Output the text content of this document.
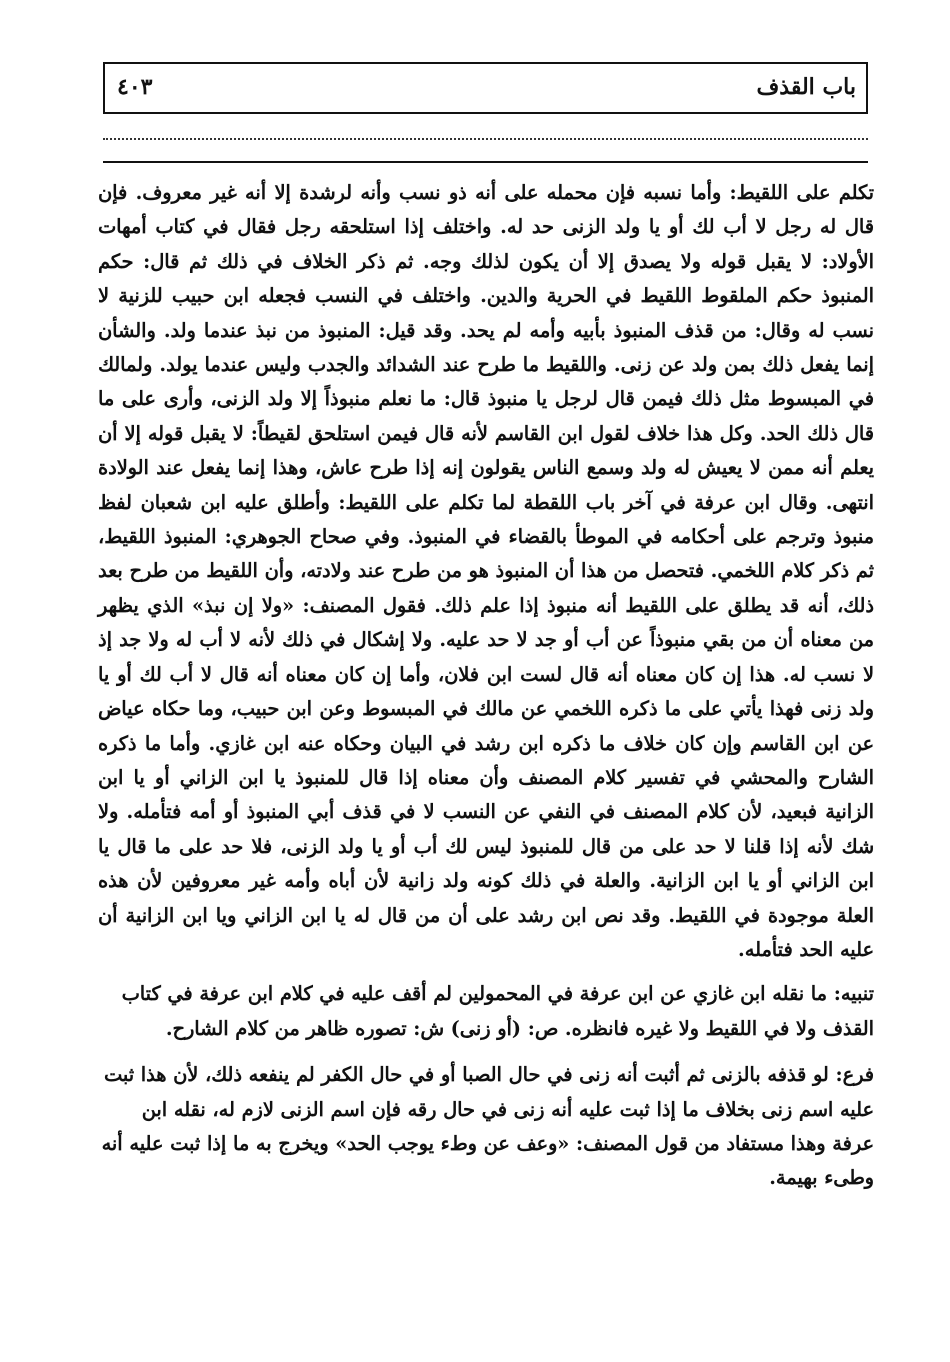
باب القذف
٤٠٣

تكلم على اللقيط: وأما نسبه فإن محمله على أنه ذو نسب وأنه لرشدة إلا أنه غير معروف. فإن قال له رجل لا أب لك أو يا ولد الزنى حد له. واختلف إذا استلحقه رجل فقال في كتاب أمهات الأولاد: لا يقبل قوله ولا يصدق إلا أن يكون لذلك وجه. ثم ذكر الخلاف في ذلك ثم قال: حكم المنبوذ حكم الملقوط اللقيط في الحرية والدين. واختلف في النسب فجعله ابن حبيب للزنية لا نسب له وقال: من قذف المنبوذ بأبيه وأمه لم يحد. وقد قيل: المنبوذ من نبذ عندما ولد. والشأن إنما يفعل ذلك بمن ولد عن زنى. واللقيط ما طرح عند الشدائد والجدب وليس عندما يولد. ولمالك في المبسوط مثل ذلك فيمن قال لرجل يا منبوذ قال: ما نعلم منبوذاً إلا ولد الزنى، وأرى على ما قال ذلك الحد. وكل هذا خلاف لقول ابن القاسم لأنه قال فيمن استلحق لقيطاً: لا يقبل قوله إلا أن يعلم أنه ممن لا يعيش له ولد وسمع الناس يقولون إنه إذا طرح عاش، وهذا إنما يفعل عند الولادة انتهى. وقال ابن عرفة في آخر باب اللقطة لما تكلم على اللقيط: وأطلق عليه ابن شعبان لفظ منبوذ وترجم على أحكامه في الموطأ بالقضاء في المنبوذ. وفي صحاح الجوهري: المنبوذ اللقيط، ثم ذكر كلام اللخمي. فتحصل من هذا أن المنبوذ هو من طرح عند ولادته، وأن اللقيط من طرح بعد ذلك، أنه قد يطلق على اللقيط أنه منبوذ إذا علم ذلك. فقول المصنف: «ولا إن نبذ» الذي يظهر من معناه أن من بقي منبوذاً عن أب أو جد لا حد عليه. ولا إشكال في ذلك لأنه لا أب له ولا جد إذ لا نسب له. هذا إن كان معناه أنه قال لست ابن فلان، وأما إن كان معناه أنه قال لا أب لك أو يا ولد زنى فهذا يأتي على ما ذكره اللخمي عن مالك في المبسوط وعن ابن حبيب، وما حكاه عياض عن ابن القاسم وإن كان خلاف ما ذكره ابن رشد في البيان وحكاه عنه ابن غازي. وأما ما ذكره الشارح والمحشي في تفسير كلام المصنف وأن معناه إذا قال للمنبوذ يا ابن الزاني أو يا ابن الزانية فبعيد، لأن كلام المصنف في النفي عن النسب لا في قذف أبي المنبوذ أو أمه فتأمله. ولا شك لأنه إذا قلنا لا حد على من قال للمنبوذ ليس لك أب أو يا ولد الزنى، فلا حد على ما قال يا ابن الزاني أو يا ابن الزانية. والعلة في ذلك كونه ولد زانية لأن أباه وأمه غير معروفين لأن هذه العلة موجودة في اللقيط. وقد نص ابن رشد على أن من قال له يا ابن الزاني ويا ابن الزانية أن عليه الحد فتأمله.

تنبيه: ما نقله ابن غازي عن ابن عرفة في المحمولين لم أقف عليه في كلام ابن عرفة في كتاب القذف ولا في اللقيط ولا غيره فانظره. ص: (أو زنى) ش: تصوره ظاهر من كلام الشارح.

فرع: لو قذفه بالزنى ثم أثبت أنه زنى في حال الصبا أو في حال الكفر لم ينفعه ذلك، لأن هذا ثبت عليه اسم زنى بخلاف ما إذا ثبت عليه أنه زنى في حال رقه فإن اسم الزنى لازم له، نقله ابن عرفة وهذا مستفاد من قول المصنف: «وعف عن وطء يوجب الحد» ويخرج به ما إذا ثبت عليه أنه وطىء بهيمة.
